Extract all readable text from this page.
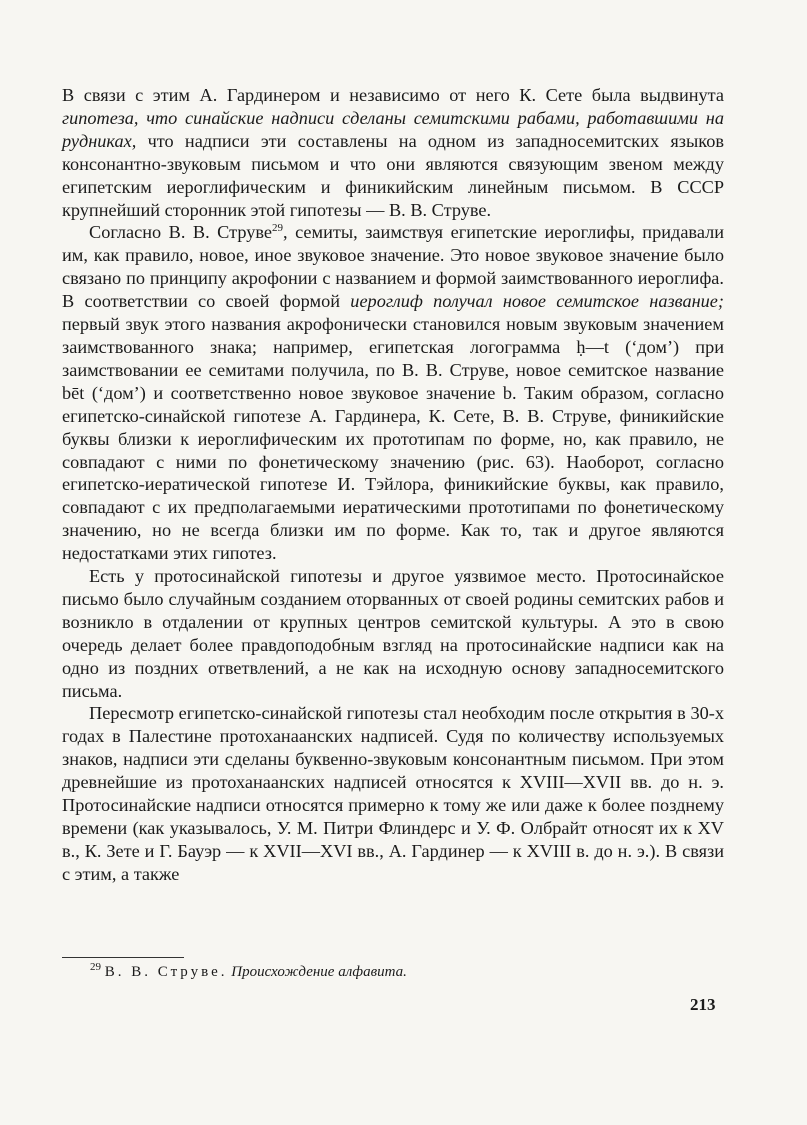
В связи с этим А. Гардинером и независимо от него К. Сете была выдвинута гипотеза, что синайские надписи сделаны семитскими рабами, работавшими на рудниках, что надписи эти составлены на одном из западносемитских языков консонантно-звуковым письмом и что они являются связующим звеном между египетским иероглифическим и финикийским линейным письмом. В СССР крупнейший сторонник этой гипотезы — В. В. Струве.

Согласно В. В. Струве$^{29}$, семиты, заимствуя египетские иероглифы, придавали им, как правило, новое, иное звуковое значение. Это новое звуковое значение было связано по принципу акрофонии с названием и формой заимствованного иероглифа. В соответствии со своей формой иероглиф получал новое семитское название; первый звук этого названия акрофонически становился новым звуковым значением заимствованного знака; например, египетская логограмма ḥ—t (‘дом’) при заимствовании ее семитами получила, по В. В. Струве, новое семитское название bēt (‘дом’) и соответственно новое звуковое значение b. Таким образом, согласно египетско-синайской гипотезе А. Гардинера, К. Сете, В. В. Струве, финикийские буквы близки к иероглифическим их прототипам по форме, но, как правило, не совпадают с ними по фонетическому значению (рис. 63). Наоборот, согласно египетско-иератической гипотезе И. Тэйлора, финикийские буквы, как правило, совпадают с их предполагаемыми иератическими прототипами по фонетическому значению, но не всегда близки им по форме. Как то, так и другое являются недостатками этих гипотез.

Есть у протосинайской гипотезы и другое уязвимое место. Протосинайское письмо было случайным созданием оторванных от своей родины семитских рабов и возникло в отдалении от крупных центров семитской культуры. А это в свою очередь делает более правдоподобным взгляд на протосинайские надписи как на одно из поздних ответвлений, а не как на исходную основу западносемитского письма.

Пересмотр египетско-синайской гипотезы стал необходим после открытия в 30-х годах в Палестине протоханаанских надписей. Судя по количеству используемых знаков, надписи эти сделаны буквенно-звуковым консонантным письмом. При этом древнейшие из протоханаанских надписей относятся к XVIII—XVII вв. до н. э. Протосинайские надписи относятся примерно к тому же или даже к более позднему времени (как указывалось, У. М. Питри Флиндерс и У. Ф. Олбрайт относят их к XV в., К. Зете и Г. Бауэр — к XVII—XVI вв., А. Гардинер — к XVIII в. до н. э.). В связи с этим, а также

$^{29}$ В. В. Струве. Происхождение алфавита.
213
